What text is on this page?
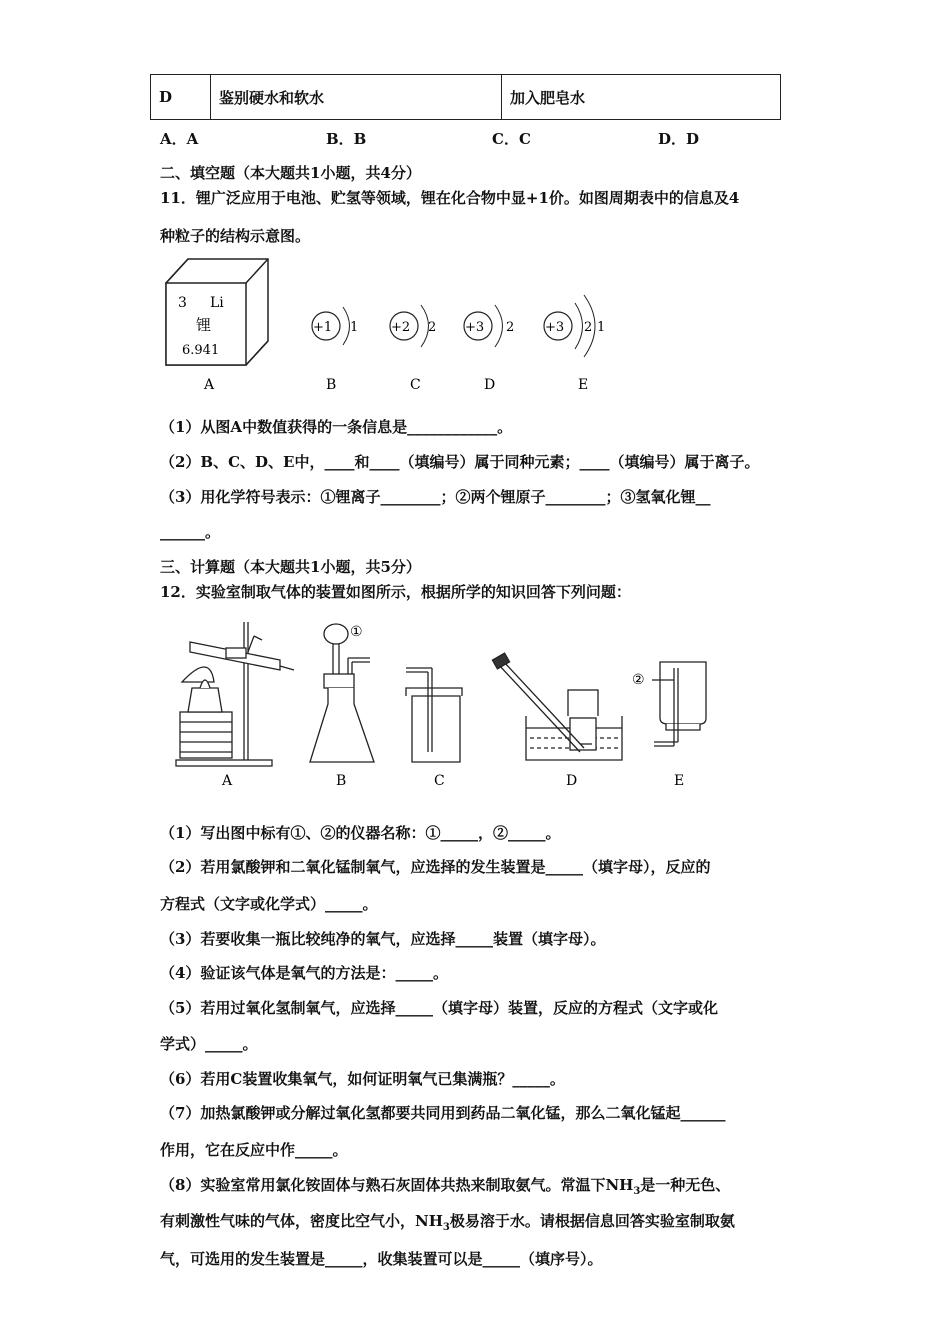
D	鉴别硬水和软水	加入肥皂水
A．A	B．B	C．C	D．D
二、填空题（本大题共1小题，共4分）
11．锂广泛应用于电池、贮氢等领域，锂在化合物中显+1价。如图周期表中的信息及4
种粒子的结构示意图。
3 Li
锂
6.941
A
+1 1
B
+2 2
C
+3 2
D
+3 2 1
E
（1）从图A中数值获得的一条信息是____________。
（2）B、C、D、E中，____和____（填编号）属于同种元素；____（填编号）属于离子。
（3）用化学符号表示：①锂离子________；②两个锂原子________；③氢氧化锂__
______。
三、计算题（本大题共1小题，共5分）
12．实验室制取气体的装置如图所示，根据所学的知识回答下列问题：
A
①
B	C	D
②
E
（1）写出图中标有①、②的仪器名称：①_____，②_____。
（2）若用氯酸钾和二氧化锰制氧气，应选择的发生装置是_____（填字母），反应的
方程式（文字或化学式）_____。
（3）若要收集一瓶比较纯净的氧气，应选择_____装置（填字母）。
（4）验证该气体是氧气的方法是：_____。
（5）若用过氧化氢制氧气，应选择_____（填字母）装置，反应的方程式（文字或化
学式）_____。
（6）若用C装置收集氧气，如何证明氧气已集满瓶？_____。
（7）加热氯酸钾或分解过氧化氢都要共同用到药品二氧化锰，那么二氧化锰起______
作用，它在反应中作_____。
（8）实验室常用氯化铵固体与熟石灰固体共热来制取氨气。常温下$NH_3$是一种无色、
有刺激性气味的气体，密度比空气小，$NH_3$极易溶于水。请根据信息回答实验室制取氨
气，可选用的发生装置是_____，收集装置可以是_____（填序号）。
